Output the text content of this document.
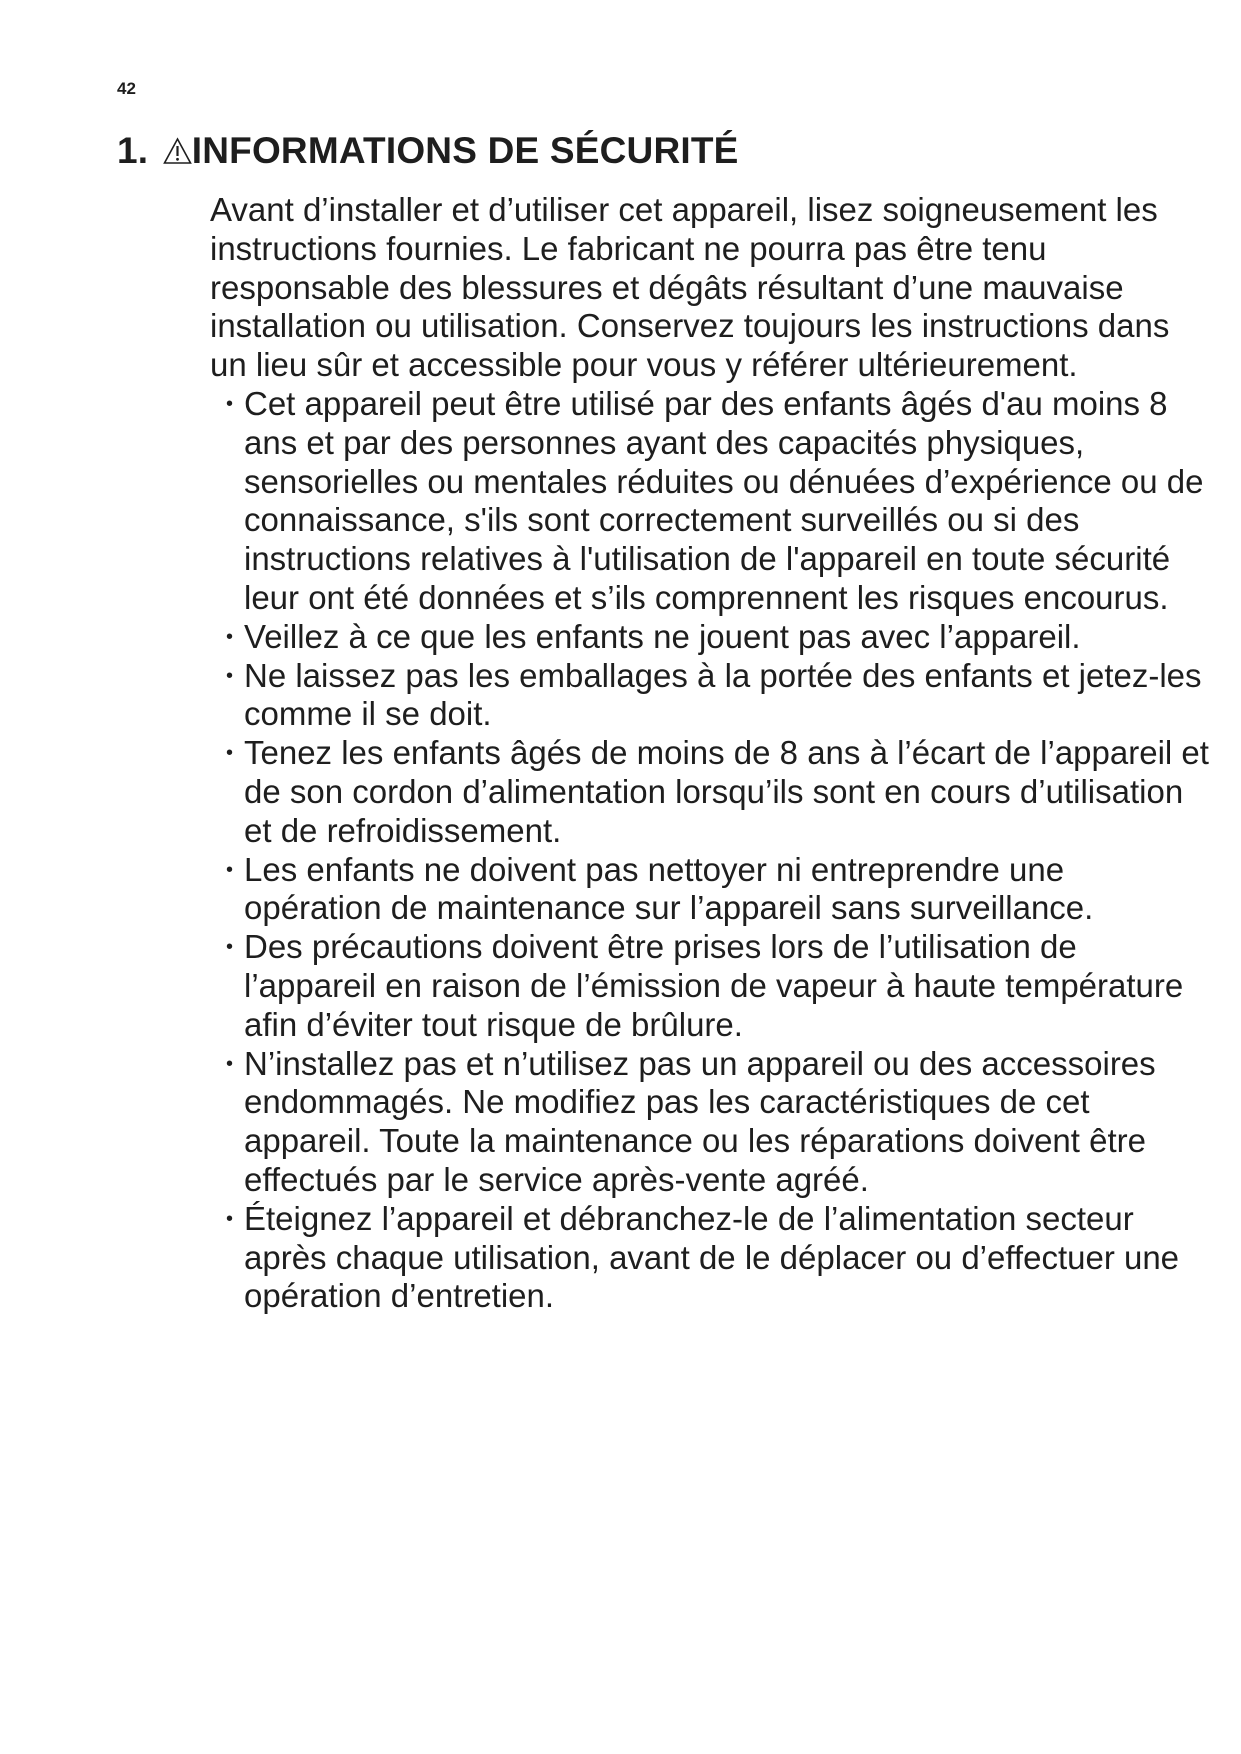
42
1. INFORMATIONS DE SÉCURITÉ

Avant d’installer et d’utiliser cet appareil, lisez soigneusement les instructions fournies. Le fabricant ne pourra pas être tenu responsable des blessures et dégâts résultant d’une mauvaise installation ou utilisation. Conservez toujours les instructions dans un lieu sûr et accessible pour vous y référer ultérieurement.

• Cet appareil peut être utilisé par des enfants âgés d'au moins 8 ans et par des personnes ayant des capacités physiques, sensorielles ou mentales réduites ou dénuées d’expérience ou de connaissance, s'ils sont correctement surveillés ou si des instructions relatives à l'utilisation de l'appareil en toute sécurité leur ont été données et s’ils comprennent les risques encourus.
• Veillez à ce que les enfants ne jouent pas avec l’appareil.
• Ne laissez pas les emballages à la portée des enfants et jetez-les comme il se doit.
• Tenez les enfants âgés de moins de 8 ans à l’écart de l’appareil et de son cordon d’alimentation lorsqu’ils sont en cours d’utilisation et de refroidissement.
• Les enfants ne doivent pas nettoyer ni entreprendre une opération de maintenance sur l’appareil sans surveillance.
• Des précautions doivent être prises lors de l’utilisation de l’appareil en raison de l’émission de vapeur à haute température afin d’éviter tout risque de brûlure.
• N’installez pas et n’utilisez pas un appareil ou des accessoires endommagés. Ne modifiez pas les caractéristiques de cet appareil. Toute la maintenance ou les réparations doivent être effectués par le service après-vente agréé.
• Éteignez l’appareil et débranchez-le de l’alimentation secteur après chaque utilisation, avant de le déplacer ou d’effectuer une opération d’entretien.
